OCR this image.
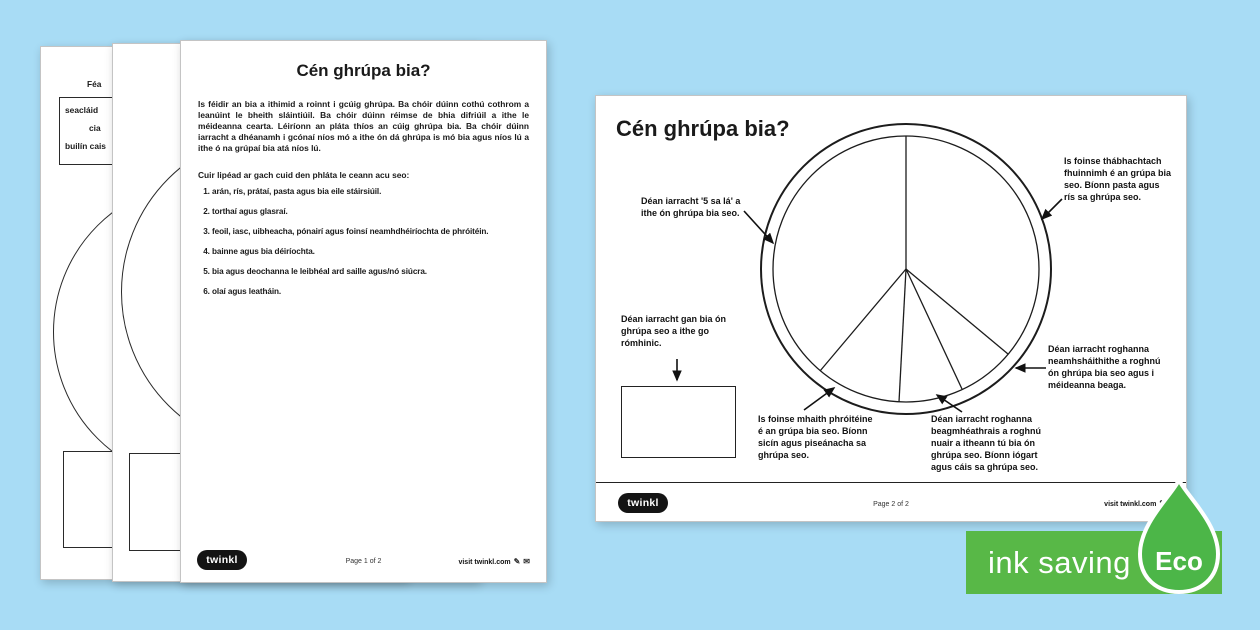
Féa
seacláid
cia
builín cais
Cén ghrúpa bia?
Is féidir an bia a ithimid a roinnt i gcúig ghrúpa. Ba chóir dúinn cothú cothrom a leanúint le bheith sláintiúil. Ba chóir dúinn réimse de bhia difriúil a ithe le méideanna cearta. Léiríonn an pláta thíos an cúig ghrúpa bia. Ba chóir dúinn iarracht a dhéanamh i gcónaí níos mó a ithe ón dá ghrúpa is mó bia agus níos lú a ithe ó na grúpaí bia atá níos lú.
Cuir lipéad ar gach cuid den phláta le ceann acu seo:
1. arán, rís, prátaí, pasta agus bia eile stáirsiúil.
2. torthaí agus glasraí.
3. feoil, iasc, uibheacha, pónairí agus foinsí neamhdhéiríochta de phróitéin.
4. bainne agus bia déiríochta.
5. bia agus deochanna le leibhéal ard saille agus/nó siúcra.
6. olaí agus leatháin.
twinkl	Page 1 of 2	visit twinkl.com ✎ ✉
Cén ghrúpa bia?
Déan iarracht '5 sa lá' a ithe ón ghrúpa bia seo.
Is foinse thábhachtach fhuinnimh é an grúpa bia seo. Bíonn pasta agus rís sa ghrúpa seo.
Déan iarracht gan bia ón ghrúpa seo a ithe go rómhinic.
Is foinse mhaith phróitéine é an grúpa bia seo. Bíonn sicín agus piseánacha sa ghrúpa seo.
Déan iarracht roghanna beagmhéathrais a roghnú nuair a itheann tú bia ón ghrúpa seo. Bíonn iógart agus cáis sa ghrúpa seo.
Déan iarracht roghanna neamhsháithithe a roghnú ón ghrúpa bia seo agus i méideanna beaga.
twinkl	Page 2 of 2	visit twinkl.com
ink saving Eco
